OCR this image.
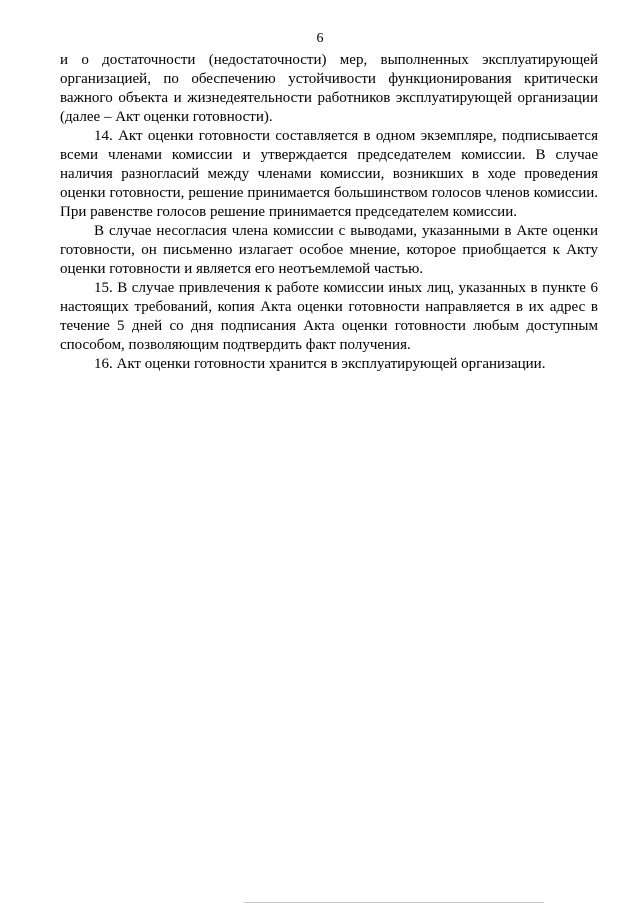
6

и о достаточности (недостаточности) мер, выполненных эксплуатирующей организацией, по обеспечению устойчивости функционирования критически важного объекта и жизнедеятельности работников эксплуатирующей организации (далее – Акт оценки готовности).

14. Акт оценки готовности составляется в одном экземпляре, подписывается всеми членами комиссии и утверждается председателем комиссии. В случае наличия разногласий между членами комиссии, возникших в ходе проведения оценки готовности, решение принимается большинством голосов членов комиссии. При равенстве голосов решение принимается председателем комиссии.

В случае несогласия члена комиссии с выводами, указанными в Акте оценки готовности, он письменно излагает особое мнение, которое приобщается к Акту оценки готовности и является его неотъемлемой частью.

15. В случае привлечения к работе комиссии иных лиц, указанных в пункте 6 настоящих требований, копия Акта оценки готовности направляется в их адрес в течение 5 дней со дня подписания Акта оценки готовности любым доступным способом, позволяющим подтвердить факт получения.

16. Акт оценки готовности хранится в эксплуатирующей организации.
